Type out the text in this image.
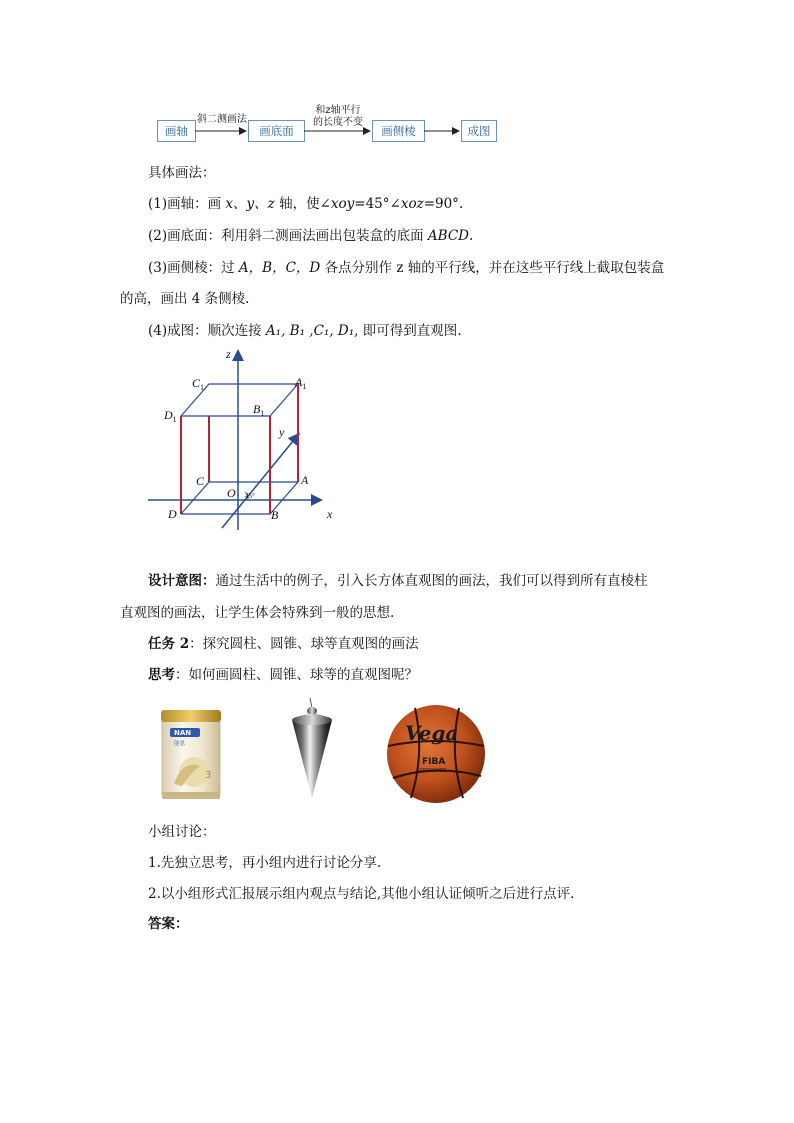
画轴
斜二测画法
画底面
和z轴平行
的长度不变
画侧棱	成图
具体画法：
(1)画轴：画 x、y、z 轴，使∠xoy=45°∠xoz=90°.
(2)画底面：利用斜二测画法画出包装盒的底面 ABCD.
(3)画侧棱：过 A，B，C，D 各点分别作 z 轴的平行线，并在这些平行线上截取包装盒
的高，画出 4 条侧棱.
(4)成图：顺次连接 A₁, B₁ ,C₁, D₁, 即可得到直观图.
z
y
x
$C_1$	$A_1$
$D_1$
$B_1$
C	A
D	B
O 45°
设计意图：通过生活中的例子，引入长方体直观图的画法，我们可以得到所有直棱柱
直观图的画法，让学生体会特殊到一般的思想.
任务 2：探究圆柱、圆锥、球等直观图的画法
思考：如何画圆柱、圆锥、球等的直观图呢？
NAN
能恩
3
Vega
FIBA
APPROVED
小组讨论：
1.先独立思考，再小组内进行讨论分享.
2.以小组形式汇报展示组内观点与结论,其他小组认证倾听之后进行点评.
答案：
